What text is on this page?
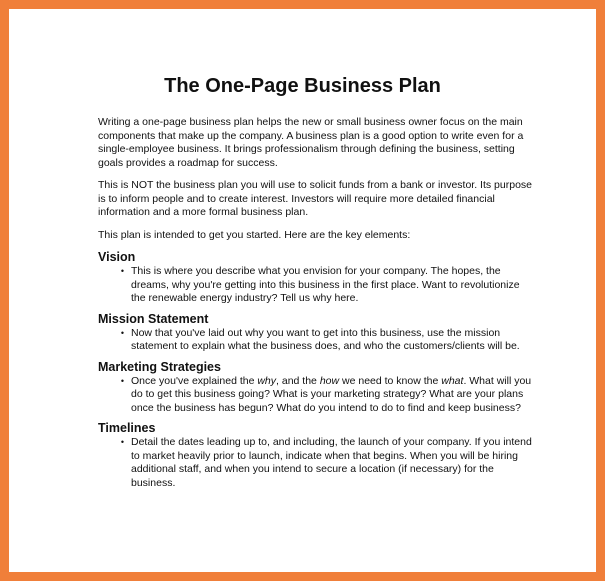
The One-Page Business Plan

Writing a one-page business plan helps the new or small business owner focus on the main components that make up the company. A business plan is a good option to write even for a single-employee business. It brings professionalism through defining the business, setting goals provides a roadmap for success.

This is NOT the business plan you will use to solicit funds from a bank or investor. Its purpose is to inform people and to create interest. Investors will require more detailed financial information and a more formal business plan.

This plan is intended to get you started. Here are the key elements:

Vision
• This is where you describe what you envision for your company. The hopes, the dreams, why you're getting into this business in the first place. Want to revolutionize the renewable energy industry? Tell us why here.
Mission Statement
• Now that you've laid out why you want to get into this business, use the mission statement to explain what the business does, and who the customers/clients will be.
Marketing Strategies
• Once you've explained the why, and the how we need to know the what. What will you do to get this business going? What is your marketing strategy? What are your plans once the business has begun? What do you intend to do to find and keep business?
Timelines
• Detail the dates leading up to, and including, the launch of your company. If you intend to market heavily prior to launch, indicate when that begins. When you will be hiring additional staff, and when you intend to secure a location (if necessary) for the business.
